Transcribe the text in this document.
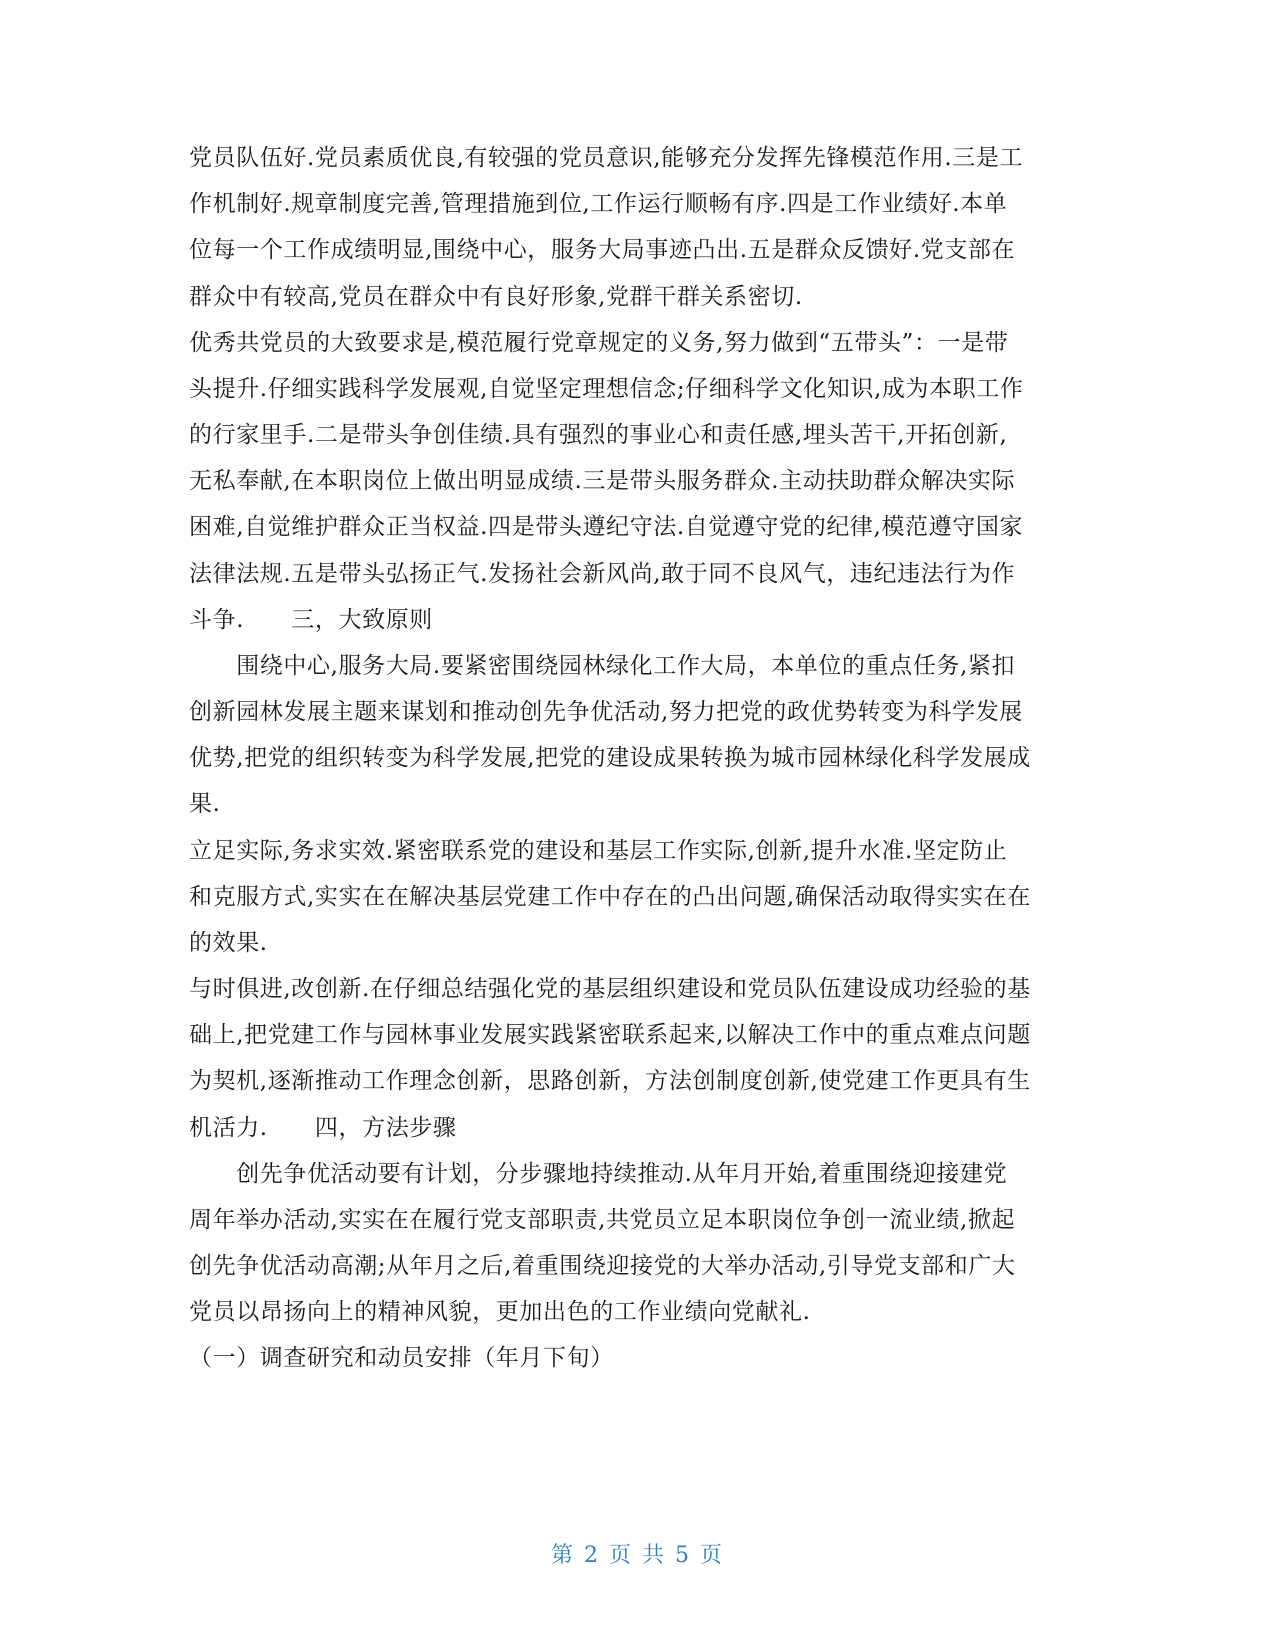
党员队伍好.党员素质优良,有较强的党员意识,能够充分发挥先锋模范作用.三是工
作机制好.规章制度完善,管理措施到位,工作运行顺畅有序.四是工作业绩好.本单
位每一个工作成绩明显,围绕中心，服务大局事迹凸出.五是群众反馈好.党支部在
群众中有较高,党员在群众中有良好形象,党群干群关系密切.
优秀共党员的大致要求是,模范履行党章规定的义务,努力做到“五带头”：一是带
头提升.仔细实践科学发展观,自觉坚定理想信念;仔细科学文化知识,成为本职工作
的行家里手.二是带头争创佳绩.具有强烈的事业心和责任感,埋头苦干,开拓创新,
无私奉献,在本职岗位上做出明显成绩.三是带头服务群众.主动扶助群众解决实际
困难,自觉维护群众正当权益.四是带头遵纪守法.自觉遵守党的纪律,模范遵守国家
法律法规.五是带头弘扬正气.发扬社会新风尚,敢于同不良风气，违纪违法行为作
斗争.　　三，大致原则
　　围绕中心,服务大局.要紧密围绕园林绿化工作大局，本单位的重点任务,紧扣
创新园林发展主题来谋划和推动创先争优活动,努力把党的政优势转变为科学发展
优势,把党的组织转变为科学发展,把党的建设成果转换为城市园林绿化科学发展成
果.
立足实际,务求实效.紧密联系党的建设和基层工作实际,创新,提升水准.坚定防止
和克服方式,实实在在解决基层党建工作中存在的凸出问题,确保活动取得实实在在
的效果.
与时俱进,改创新.在仔细总结强化党的基层组织建设和党员队伍建设成功经验的基
础上,把党建工作与园林事业发展实践紧密联系起来,以解决工作中的重点难点问题
为契机,逐渐推动工作理念创新，思路创新，方法创制度创新,使党建工作更具有生
机活力.　　四，方法步骤
　　创先争优活动要有计划，分步骤地持续推动.从年月开始,着重围绕迎接建党
周年举办活动,实实在在履行党支部职责,共党员立足本职岗位争创一流业绩,掀起
创先争优活动高潮;从年月之后,着重围绕迎接党的大举办活动,引导党支部和广大
党员以昂扬向上的精神风貌，更加出色的工作业绩向党献礼.
（一）调查研究和动员安排（年月下旬）
第 2 页 共 5 页
